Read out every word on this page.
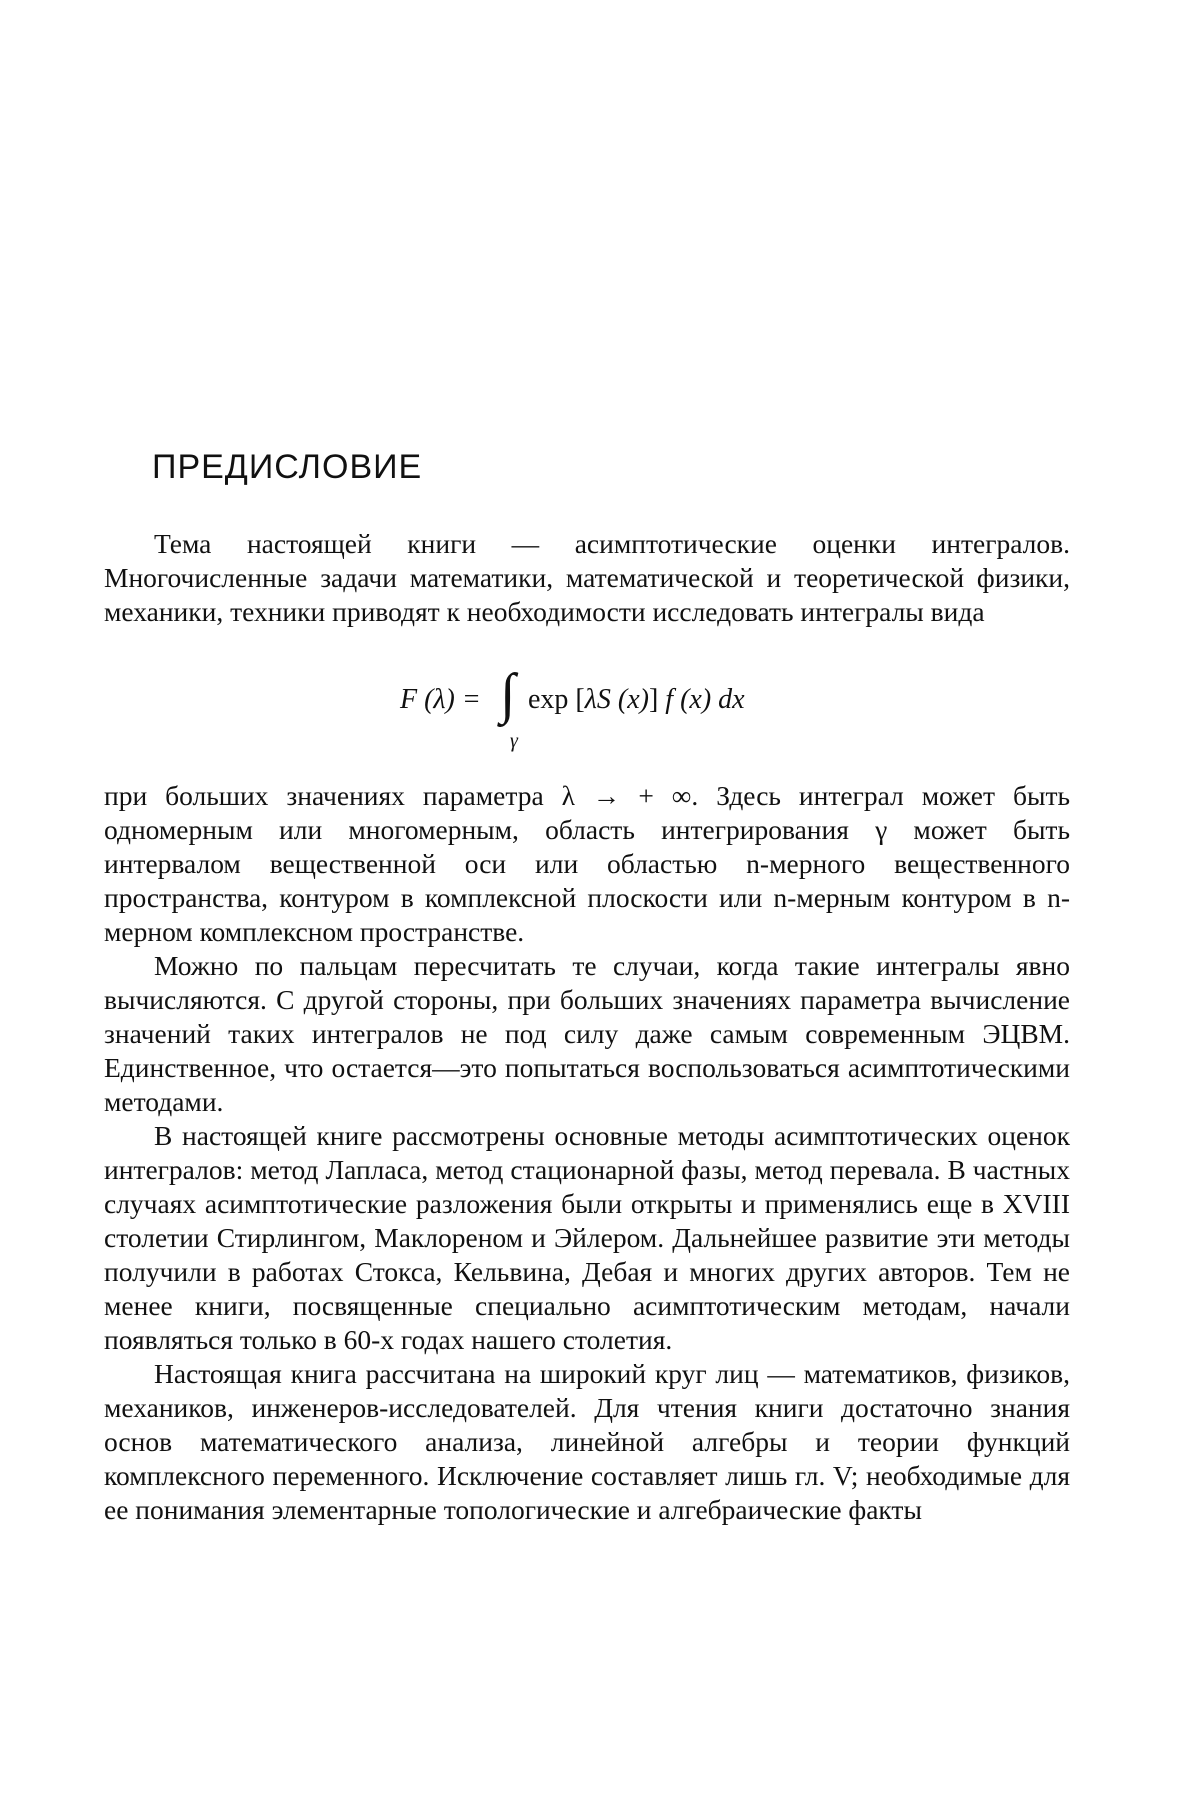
ПРЕДИСЛОВИЕ

Тема настоящей книги — асимптотические оценки интегралов. Многочисленные задачи математики, математической и теоретической физики, механики, техники приводят к необходимости исследовать интегралы вида

F (λ) = ∫ exp [λS (x)] f (x) dx
γ

при больших значениях параметра λ → + ∞. Здесь интеграл может быть одномерным или многомерным, область интегрирования γ может быть интервалом вещественной оси или областью n-мерного вещественного пространства, контуром в комплексной плоскости или n-мерным контуром в n-мерном комплексном пространстве.

Можно по пальцам пересчитать те случаи, когда такие интегралы явно вычисляются. С другой стороны, при больших значениях параметра вычисление значений таких интегралов не под силу даже самым современным ЭЦВМ. Единственное, что остается—это попытаться воспользоваться асимптотическими методами.

В настоящей книге рассмотрены основные методы асимптотических оценок интегралов: метод Лапласа, метод стационарной фазы, метод перевала. В частных случаях асимптотические разложения были открыты и применялись еще в XVIII столетии Стирлингом, Маклореном и Эйлером. Дальнейшее развитие эти методы получили в работах Стокса, Кельвина, Дебая и многих других авторов. Тем не менее книги, посвященные специально асимптотическим методам, начали появляться только в 60-х годах нашего столетия.

Настоящая книга рассчитана на широкий круг лиц — математиков, физиков, механиков, инженеров-исследователей. Для чтения книги достаточно знания основ математического анализа, линейной алгебры и теории функций комплексного переменного. Исключение составляет лишь гл. V; необходимые для ее понимания элементарные топологические и алгебраические факты
